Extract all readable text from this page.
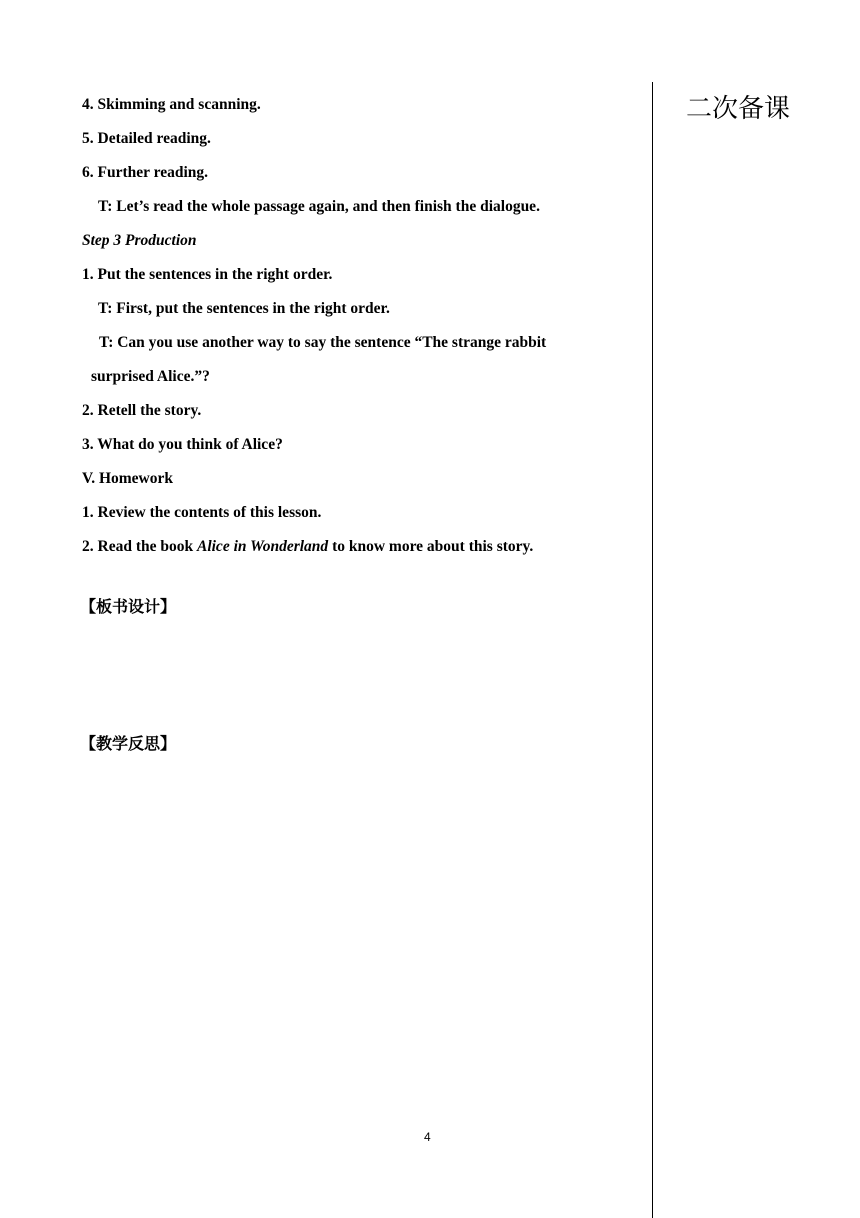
4. Skimming and scanning.
5. Detailed reading.
6. Further reading.
T: Let’s read the whole passage again, and then finish the dialogue.
Step 3 Production
1. Put the sentences in the right order.
T: First, put the sentences in the right order.
T: Can you use another way to say the sentence “The strange rabbit
surprised Alice.”?
2. Retell the story.
3. What do you think of Alice?
V. Homework
1. Review the contents of this lesson.
2. Read the book Alice in Wonderland to know more about this story.
【板书设计】
【教学反思】
二次备课
4
